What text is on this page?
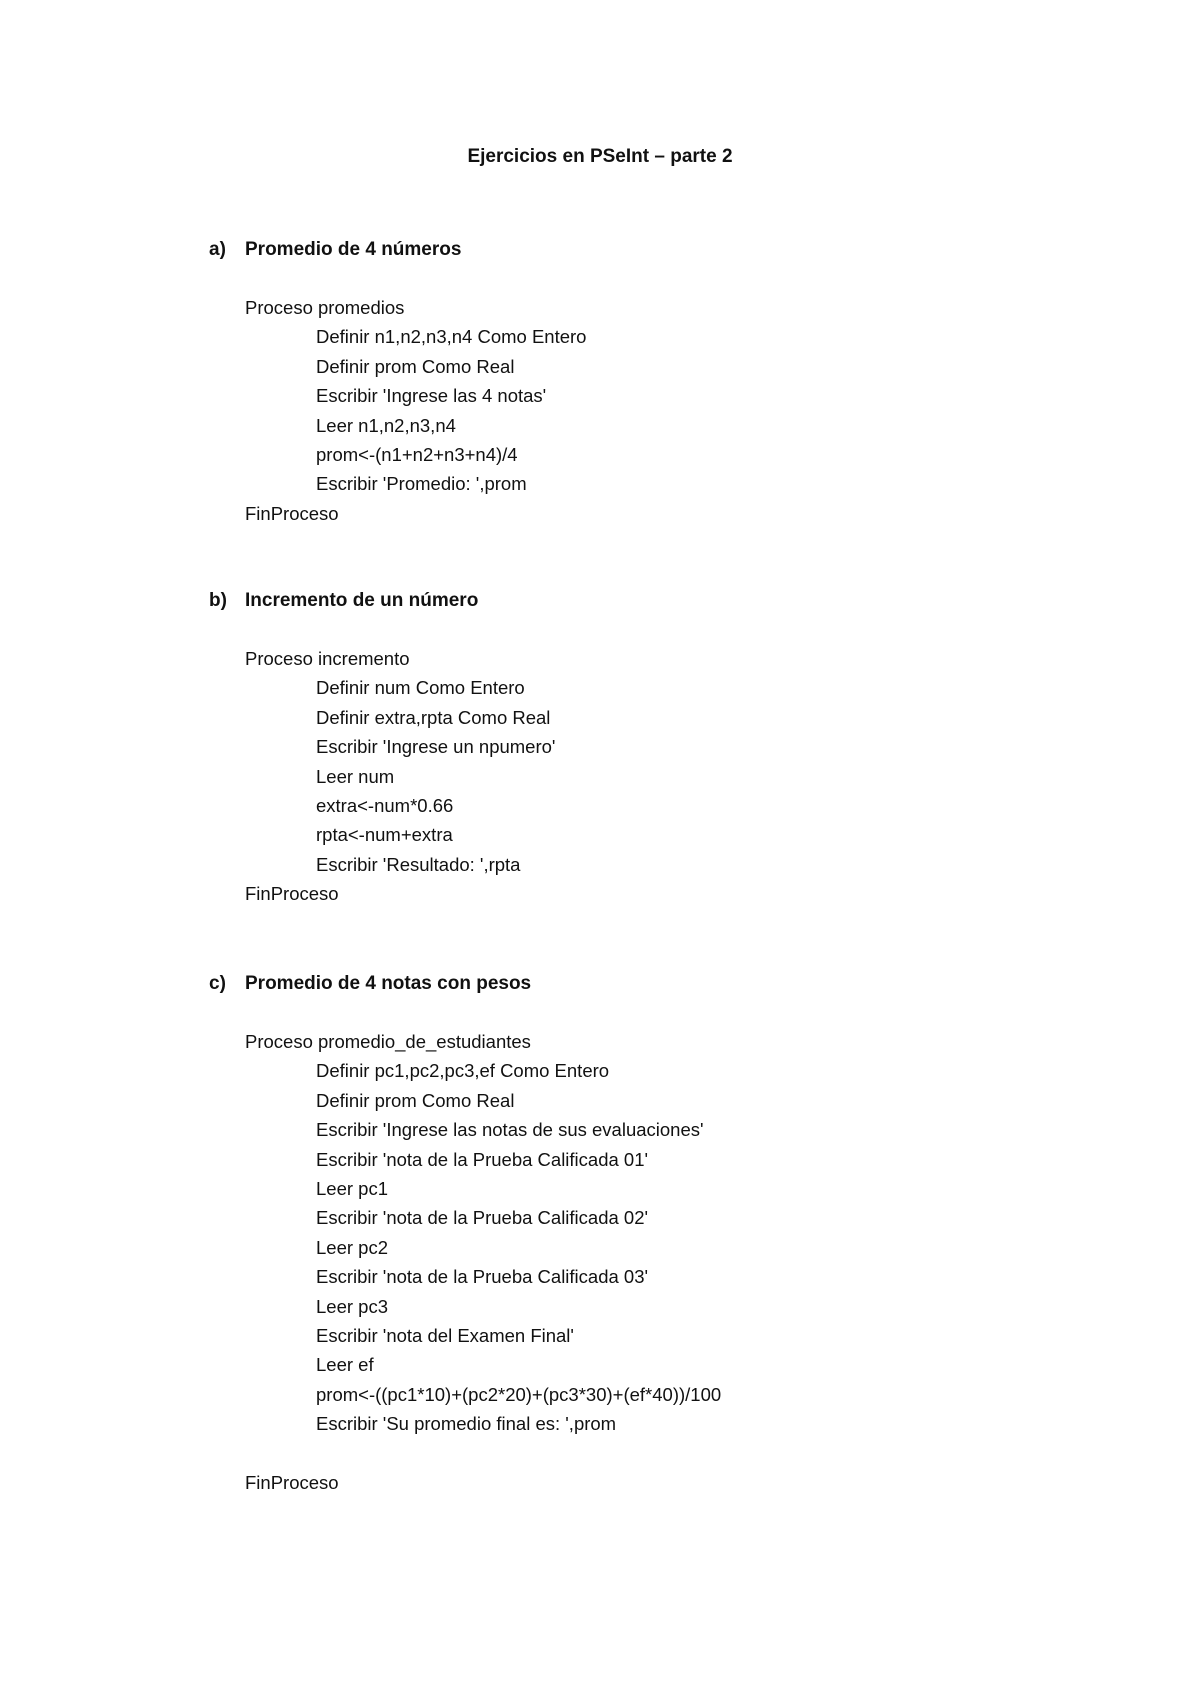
Ejercicios en PSeInt – parte 2
a) Promedio de 4 números
Proceso promedios
Definir n1,n2,n3,n4 Como Entero
Definir prom Como Real
Escribir 'Ingrese las 4 notas'
Leer n1,n2,n3,n4
prom<-(n1+n2+n3+n4)/4
Escribir 'Promedio: ',prom
FinProceso
b) Incremento de un número
Proceso incremento
Definir num Como Entero
Definir extra,rpta Como Real
Escribir 'Ingrese un npumero'
Leer num
extra<-num*0.66
rpta<-num+extra
Escribir 'Resultado: ',rpta
FinProceso
c) Promedio de 4 notas con pesos
Proceso promedio_de_estudiantes
Definir pc1,pc2,pc3,ef Como Entero
Definir prom Como Real
Escribir 'Ingrese las notas de sus evaluaciones'
Escribir 'nota de la Prueba Calificada 01'
Leer pc1
Escribir 'nota de la Prueba Calificada 02'
Leer pc2
Escribir 'nota de la Prueba Calificada 03'
Leer pc3
Escribir 'nota del Examen Final'
Leer ef
prom<-((pc1*10)+(pc2*20)+(pc3*30)+(ef*40))/100
Escribir 'Su promedio final es: ',prom
FinProceso
